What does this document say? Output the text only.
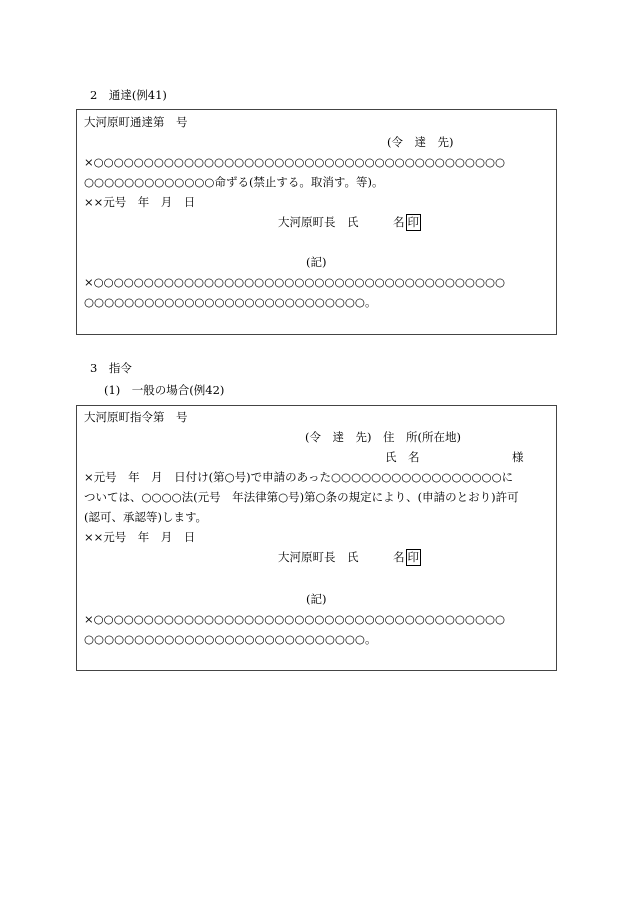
2　通達(例41)
大河原町通達第　号
(令　達　先)
×○○○○○○○○○○○○○○○○○○○○○○○○○○○○○○○○○○○○○○○○○
○○○○○○○○○○○○○命ずる(禁止する。取消す。等)。
××元号　年　月　日
大河原町長　氏　　　名 印
(記)
×○○○○○○○○○○○○○○○○○○○○○○○○○○○○○○○○○○○○○○○○○
○○○○○○○○○○○○○○○○○○○○○○○○○○○○。
3　指令
(1)　一般の場合(例42)
大河原町指令第　号
(令　達　先)　住　所(所在地)
氏　名	様
×元号　年　月　日付け(第○号)で申請のあった○○○○○○○○○○○○○○○○○に
ついては、○○○○法(元号　年法律第○号)第○条の規定により、(申請のとおり)許可
(認可、承認等)します。
××元号　年　月　日
大河原町長　氏　　　名 印
(記)
×○○○○○○○○○○○○○○○○○○○○○○○○○○○○○○○○○○○○○○○○○
○○○○○○○○○○○○○○○○○○○○○○○○○○○○。
